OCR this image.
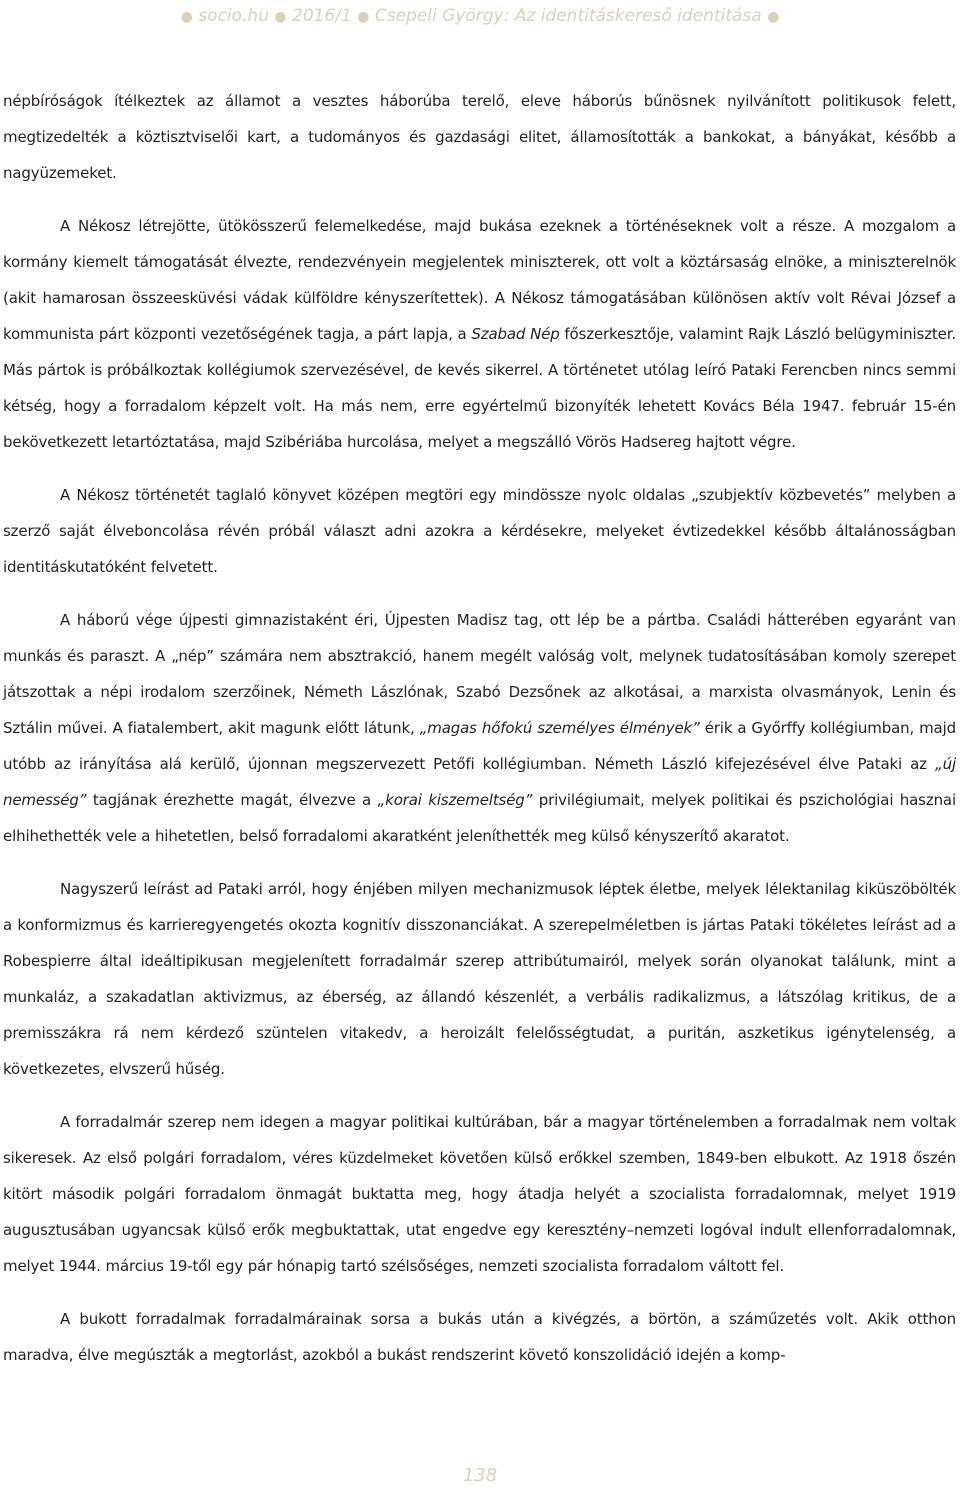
● socio.hu ● 2016/1 ● Csepeli György: Az identitáskereső identitása ●

népbíróságok ítélkeztek az államot a vesztes háborúba terelő, eleve háborús bűnösnek nyilvánított politikusok felett, megtizedelték a köztisztviselői kart, a tudományos és gazdasági elitet, államosították a bankokat, a bányákat, később a nagyüzemeket.

A Nékosz létrejötte, ütökösszerű felemelkedése, majd bukása ezeknek a történéseknek volt a része. A mozgalom a kormány kiemelt támogatását élvezte, rendezvényein megjelentek miniszterek, ott volt a köztársaság elnöke, a miniszterelnök (akit hamarosan összeesküvési vádak külföldre kényszerítettek). A Nékosz támogatásában különösen aktív volt Révai József a kommunista párt központi vezetőségének tagja, a párt lapja, a Szabad Nép főszerkesztője, valamint Rajk László belügyminiszter. Más pártok is próbálkoztak kollégiumok szervezésével, de kevés sikerrel. A történetet utólag leíró Pataki Ferencben nincs semmi kétség, hogy a forradalom képzelt volt. Ha más nem, erre egyértelmű bizonyíték lehetett Kovács Béla 1947. február 15-én bekövetkezett letartóztatása, majd Szibériába hurcolása, melyet a megszálló Vörös Hadsereg hajtott végre.

A Nékosz történetét taglaló könyvet középen megtöri egy mindössze nyolc oldalas „szubjektív közbevetés” melyben a szerző saját élveboncolása révén próbál választ adni azokra a kérdésekre, melyeket évtizedekkel később általánosságban identitáskutatóként felvetett.

A háború vége újpesti gimnazistaként éri, Újpesten Madisz tag, ott lép be a pártba. Családi hátterében egyaránt van munkás és paraszt. A „nép” számára nem absztrakció, hanem megélt valóság volt, melynek tudatosításában komoly szerepet játszottak a népi irodalom szerzőinek, Németh Lászlónak, Szabó Dezsőnek az alkotásai, a marxista olvasmányok, Lenin és Sztálin művei. A fiatalembert, akit magunk előtt látunk, „magas hőfokú személyes élmények” érik a Győrffy kollégiumban, majd utóbb az irányítása alá kerülő, újonnan megszervezett Petőfi kollégiumban. Németh László kifejezésével élve Pataki az „új nemesség” tagjának érezhette magát, élvezve a „korai kiszemeltség” privilégiumait, melyek politikai és pszichológiai hasznai elhihethették vele a hihetetlen, belső forradalomi akaratként jeleníthették meg külső kényszerítő akaratot.

Nagyszerű leírást ad Pataki arról, hogy énjében milyen mechanizmusok léptek életbe, melyek lélektanilag kiküszöbölték a konformizmus és karrieregyengetés okozta kognitív disszonanciákat. A szerepelméletben is jártas Pataki tökéletes leírást ad a Robespierre által ideáltipikusan megjelenített forradalmár szerep attribútumairól, melyek során olyanokat találunk, mint a munkaláz, a szakadatlan aktivizmus, az éberség, az állandó készenlét, a verbális radikalizmus, a látszólag kritikus, de a premisszákra rá nem kérdező szüntelen vitakedv, a heroizált felelősségtudat, a puritán, aszketikus igénytelenség, a következetes, elvszerű hűség.

A forradalmár szerep nem idegen a magyar politikai kultúrában, bár a magyar történelemben a forradalmak nem voltak sikeresek. Az első polgári forradalom, véres küzdelmeket követően külső erőkkel szemben, 1849-ben elbukott. Az 1918 őszén kitört második polgári forradalom önmagát buktatta meg, hogy átadja helyét a szocialista forradalomnak, melyet 1919 augusztusában ugyancsak külső erők megbuktattak, utat engedve egy keresztény–nemzeti logóval indult ellenforradalomnak, melyet 1944. március 19-től egy pár hónapig tartó szélsőséges, nemzeti szocialista forradalom váltott fel.

A bukott forradalmak forradalmárainak sorsa a bukás után a kivégzés, a börtön, a száműzetés volt. Akik otthon maradva, élve megúszták a megtorlást, azokból a bukást rendszerint követő konszolidáció idején a komp-

138
